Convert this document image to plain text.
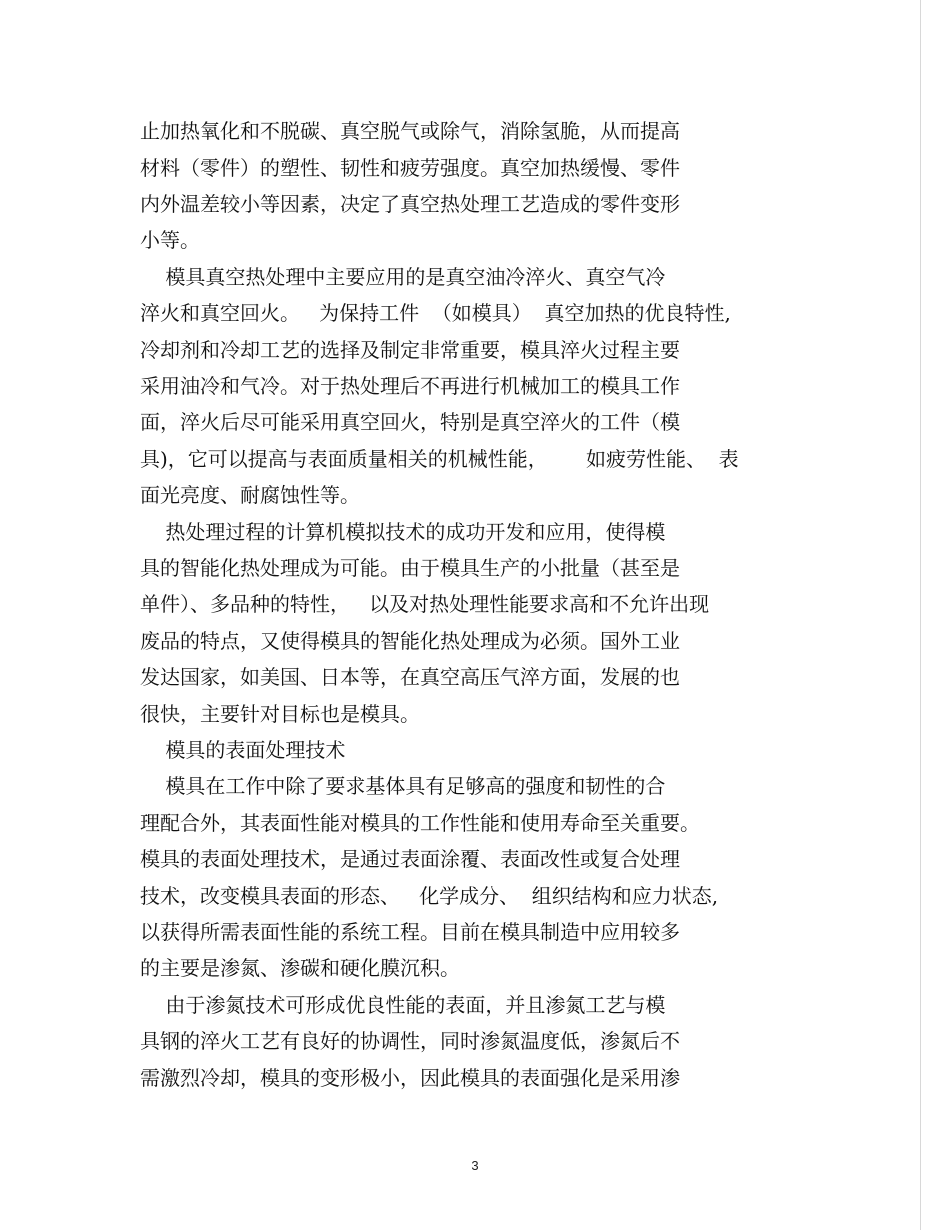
止加热氧化和不脱碳、真空脱气或除气，消除氢脆，从而提高
材料（零件）的塑性、韧性和疲劳强度。真空加热缓慢、零件
内外温差较小等因素，决定了真空热处理工艺造成的零件变形
小等。
模具真空热处理中主要应用的是真空油冷淬火、真空气冷
淬火和真空回火。   为保持工件  （如模具）  真空加热的优良特性,
冷却剂和冷却工艺的选择及制定非常重要，模具淬火过程主要
采用油冷和气冷。对于热处理后不再进行机械加工的模具工作
面，淬火后尽可能采用真空回火，特别是真空淬火的工件（模
具)，它可以提高与表面质量相关的机械性能，      如疲劳性能、  表
面光亮度、耐腐蚀性等。
热处理过程的计算机模拟技术的成功开发和应用，使得模
具的智能化热处理成为可能。由于模具生产的小批量（甚至是
单件）、多品种的特性，   以及对热处理性能要求高和不允许出现
废品的特点，又使得模具的智能化热处理成为必须。国外工业
发达国家，如美国、日本等，在真空高压气淬方面，发展的也
很快，主要针对目标也是模具。
模具的表面处理技术
模具在工作中除了要求基体具有足够高的强度和韧性的合
理配合外，其表面性能对模具的工作性能和使用寿命至关重要。
模具的表面处理技术，是通过表面涂覆、表面改性或复合处理
技术，改变模具表面的形态、   化学成分、  组织结构和应力状态,
以获得所需表面性能的系统工程。目前在模具制造中应用较多
的主要是渗氮、渗碳和硬化膜沉积。
由于渗氮技术可形成优良性能的表面，并且渗氮工艺与模
具钢的淬火工艺有良好的协调性，同时渗氮温度低，渗氮后不
需激烈冷却，模具的变形极小，因此模具的表面强化是采用渗
3
